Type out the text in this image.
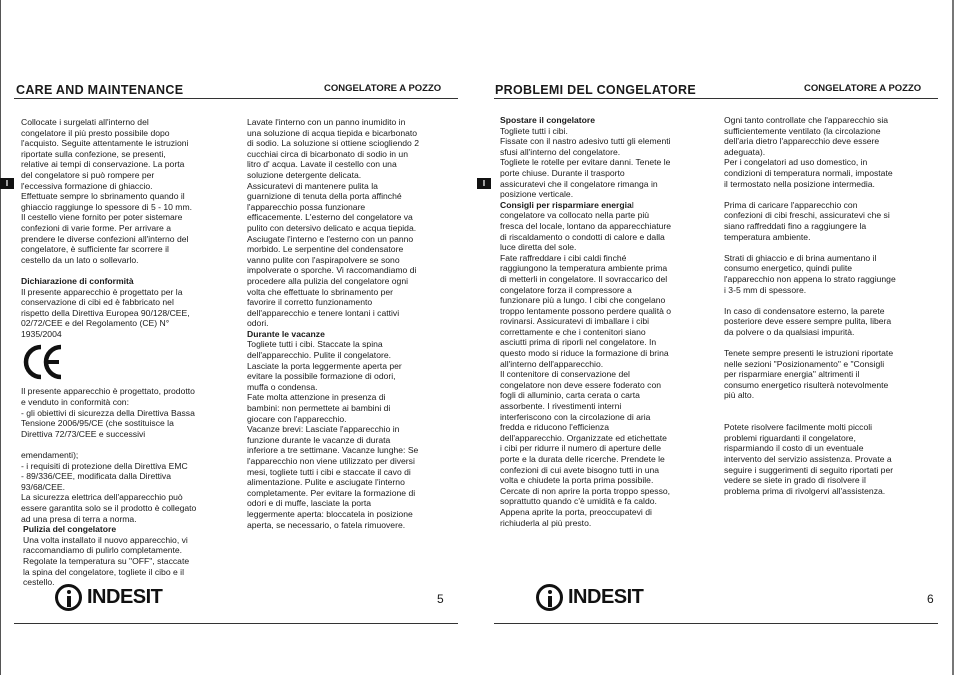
CARE AND MAINTENANCE	CONGELATORE A POZZO
I

Collocate i surgelati all'interno del
congelatore il più presto possibile dopo
l'acquisto. Seguite attentamente le istruzioni
riportate sulla confezione, se presenti,
relative ai tempi di conservazione. La porta
del congelatore si può rompere per
l'eccessiva formazione di ghiaccio.
Effettuate sempre lo sbrinamento quando il
ghiaccio raggiunge lo spessore di 5 - 10 mm.
Il cestello viene fornito per poter sistemare
confezioni di varie forme. Per arrivare a
prendere le diverse confezioni all'interno del
congelatore, è sufficiente far scorrere il
cestello da un lato o sollevarlo.

Dichiarazione di conformità

Il presente apparecchio è progettato per la
conservazione di cibi ed è fabbricato nel
rispetto della Direttiva Europea 90/128/CEE,
02/72/CEE e del Regolamento (CE) N°
1935/2004

Il presente apparecchio è progettato, prodotto
e venduto in conformità con:
- gli obiettivi di sicurezza della Direttiva Bassa
Tensione 2006/95/CE (che sostituisce la
Direttiva 72/73/CEE e successivi

emendamenti);
- i requisiti di protezione della Direttiva EMC
- 89/336/CEE, modificata dalla Direttiva
93/68/CEE.
La sicurezza elettrica dell'apparecchio può
essere garantita solo se il prodotto è collegato
ad una presa di terra a norma.

Pulizia del congelatore

Una volta installato il nuovo apparecchio, vi
raccomandiamo di pulirlo completamente.
Regolate la temperatura su "OFF", staccate
la spina del congelatore, togliete il cibo e il
cestello.

Lavate l'interno con un panno inumidito in
una soluzione di acqua tiepida e bicarbonato
di sodio. La soluzione si ottiene sciogliendo 2
cucchiai circa di bicarbonato di sodio in un
litro d' acqua. Lavate il cestello con una
soluzione detergente delicata.
Assicuratevi di mantenere pulita la
guarnizione di tenuta della porta affinché
l'apparecchio possa funzionare
efficacemente. L'esterno del congelatore va
pulito con detersivo delicato e acqua tiepida.
Asciugate l'interno e l'esterno con un panno
morbido. Le serpentine del condensatore
vanno pulite con l'aspirapolvere se sono
impolverate o sporche. Vi raccomandiamo di
procedere alla pulizia del congelatore ogni
volta che effettuate lo sbrinamento per
favorire il corretto funzionamento
dell'apparecchio e tenere lontani i cattivi
odori.

Durante le vacanze

Togliete tutti i cibi. Staccate la spina
dell'apparecchio. Pulite il congelatore.
Lasciate la porta leggermente aperta per
evitare la possibile formazione di odori,
muffa o condensa.
Fate molta attenzione in presenza di
bambini: non permettete ai bambini di
giocare con l'apparecchio.
Vacanze brevi: Lasciate l'apparecchio in
funzione durante le vacanze di durata
inferiore a tre settimane. Vacanze lunghe: Se
l'apparecchio non viene utilizzato per diversi
mesi, togliete tutti i cibi e staccate il cavo di
alimentazione. Pulite e asciugate l'interno
completamente. Per evitare la formazione di
odori e di muffe, lasciate la porta
leggermente aperta: bloccatela in posizione
aperta, se necessario, o fatela rimuovere.

INDESIT	5
PROBLEMI DEL CONGELATORE	CONGELATORE A POZZO
I

Spostare il congelatore

Togliete tutti i cibi.
Fissate con il nastro adesivo tutti gli elementi
sfusi all'interno del congelatore.
Togliete le rotelle per evitare danni. Tenete le
porte chiuse. Durante il trasporto
assicuratevi che il congelatore rimanga in
posizione verticale.

Consigli per risparmiare energial

congelatore va collocato nella parte più
fresca del locale, lontano da apparecchiature
di riscaldamento o condotti di calore e dalla
luce diretta del sole.
Fate raffreddare i cibi caldi finché
raggiungono la temperatura ambiente prima
di metterli in congelatore. Il sovraccarico del
congelatore forza il compressore a
funzionare più a lungo. I cibi che congelano
troppo lentamente possono perdere qualità o
rovinarsi. Assicuratevi di imballare i cibi
correttamente e che i contenitori siano
asciutti prima di riporli nel congelatore. In
questo modo si riduce la formazione di brina
all'interno dell'apparecchio.
Il contenitore di conservazione del
congelatore non deve essere foderato con
fogli di alluminio, carta cerata o carta
assorbente. I rivestimenti interni
interferiscono con la circolazione di aria
fredda e riducono l'efficienza
dell'apparecchio. Organizzate ed etichettate
i cibi per ridurre il numero di aperture delle
porte e la durata delle ricerche. Prendete le
confezioni di cui avete bisogno tutti in una
volta e chiudete la porta prima possibile.
Cercate di non aprire la porta troppo spesso,
soprattutto quando c'è umidità e fa caldo.
Appena aprite la porta, preoccupatevi di
richiuderla al più presto.

Ogni tanto controllate che l'apparecchio sia
sufficientemente ventilato (la circolazione
dell'aria dietro l'apparecchio deve essere
adeguata).
Per i congelatori ad uso domestico, in
condizioni di temperatura normali, impostate
il termostato nella posizione intermedia.

Prima di caricare l'apparecchio con
confezioni di cibi freschi, assicuratevi che si
siano raffreddati fino a raggiungere la
temperatura ambiente.

Strati di ghiaccio e di brina aumentano il
consumo energetico, quindi pulite
l'apparecchio non appena lo strato raggiunge
i 3-5 mm di spessore.

In caso di condensatore esterno, la parete
posteriore deve essere sempre pulita, libera
da polvere o da qualsiasi impurità.

Tenete sempre presenti le istruzioni riportate
nelle sezioni "Posizionamento" e "Consigli
per risparmiare energia" altrimenti il
consumo energetico risulterà notevolmente
più alto.

Potete risolvere facilmente molti piccoli
problemi riguardanti il congelatore,
risparmiando il costo di un eventuale
intervento del servizio assistenza. Provate a
seguire i suggerimenti di seguito riportati per
vedere se siete in grado di risolvere il
problema prima di rivolgervi all'assistenza.

INDESIT	6
